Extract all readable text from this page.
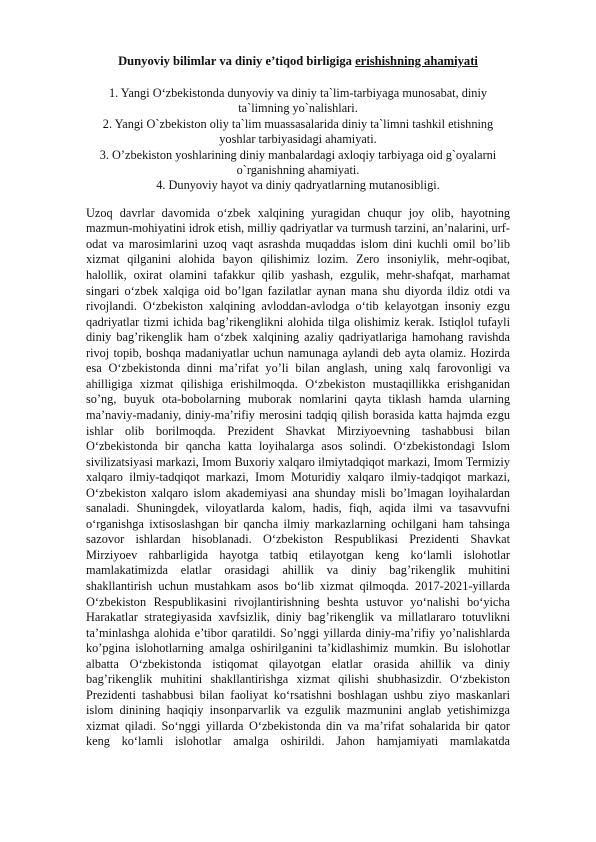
Dunyoviy bilimlar va diniy e’tiqod birligiga erishishning ahamiyati
1. Yangi O‘zbekistonda dunyoviy va diniy ta`lim-tarbiyaga munosabat, diniy ta`limning yo`nalishlari.
2. Yangi O`zbekiston oliy ta`lim muassasalarida diniy ta`limni tashkil etishning yoshlar tarbiyasidagi ahamiyati.
3. O’zbekiston yoshlarining diniy manbalardagi axloqiy tarbiyaga oid g`oyalarni o`rganishning ahamiyati.
4. Dunyoviy hayot va diniy qadryatlarning mutanosibligi.

Uzoq davrlar davomida o‘zbek xalqining yuragidan chuqur joy olib, hayotning mazmun-mohiyatini idrok etish, milliy qadriyatlar va turmush tarzini, an’nalarini, urf-odat va marosimlarini uzoq vaqt asrashda muqaddas islom dini kuchli omil bo’lib xizmat qilganini alohida bayon qilishimiz lozim. Zero insoniylik, mehr-oqibat, halollik, oxirat olamini tafakkur qilib yashash, ezgulik, mehr-shafqat, marhamat singari o‘zbek xalqiga oid bo’lgan fazilatlar aynan mana shu diyorda ildiz otdi va rivojlandi. O‘zbekiston xalqining avloddan-avlodga o‘tib kelayotgan insoniy ezgu qadriyatlar tizmi ichida bag’rikenglikni alohida tilga olishimiz kerak. Istiqlol tufayli diniy bag’rikenglik ham o‘zbek xalqining azaliy qadriyatlariga hamohang ravishda rivoj topib, boshqa madaniyatlar uchun namunaga aylandi deb ayta olamiz. Hozirda esa O‘zbekistonda dinni ma’rifat yo’li bilan anglash, uning xalq farovonligi va ahilligiga xizmat qilishiga erishilmoqda. O‘zbekiston mustaqillikka erishganidan so’ng, buyuk ota-bobolarning muborak nomlarini qayta tiklash hamda ularning ma’naviy-madaniy, diniy-ma’rifiy merosini tadqiq qilish borasida katta hajmda ezgu ishlar olib borilmoqda. Prezident Shavkat Mirziyoevning tashabbusi bilan O‘zbekistonda bir qancha katta loyihalarga asos solindi. O‘zbekistondagi Islom sivilizatsiyasi markazi, Imom Buxoriy xalqaro ilmiytadqiqot markazi, Imom Termiziy xalqaro ilmiy-tadqiqot markazi, Imom Moturidiy xalqaro ilmiy-tadqiqot markazi, O‘zbekiston xalqaro islom akademiyasi ana shunday misli bo’lmagan loyihalardan sanaladi. Shuningdek, viloyatlarda kalom, hadis, fiqh, aqida ilmi va tasavvufni o‘rganishga ixtisoslashgan bir qancha ilmiy markazlarning ochilgani ham tahsinga sazovor ishlardan hisoblanadi. O‘zbekiston Respublikasi Prezidenti Shavkat Mirziyoev rahbarligida hayotga tatbiq etilayotgan keng ko‘lamli islohotlar mamlakatimizda elatlar orasidagi ahillik va diniy bag’rikenglik muhitini shakllantirish uchun mustahkam asos bo‘lib xizmat qilmoqda. 2017-2021-yillarda O‘zbekiston Respublikasini rivojlantirishning beshta ustuvor yo‘nalishi bo‘yicha Harakatlar strategiyasida xavfsizlik, diniy bag’rikenglik va millatlararo totuvlikni ta’minlashga alohida e’tibor qaratildi. So’nggi yillarda diniy-ma’rifiy yo’nalishlarda ko’pgina islohotlarning amalga oshirilganini ta’kidlashimiz mumkin. Bu islohotlar albatta O‘zbekistonda istiqomat qilayotgan elatlar orasida ahillik va diniy bag’rikenglik muhitini shakllantirishga xizmat qilishi shubhasizdir. O‘zbekiston Prezidenti tashabbusi bilan faoliyat ko‘rsatishni boshlagan ushbu ziyo maskanlari islom dinining haqiqiy insonparvarlik va ezgulik mazmunini anglab yetishimizga xizmat qiladi. So‘nggi yillarda O‘zbekistonda din va ma’rifat sohalarida bir qator keng ko‘lamli islohotlar amalga oshirildi. Jahon hamjamiyati mamlakatda
